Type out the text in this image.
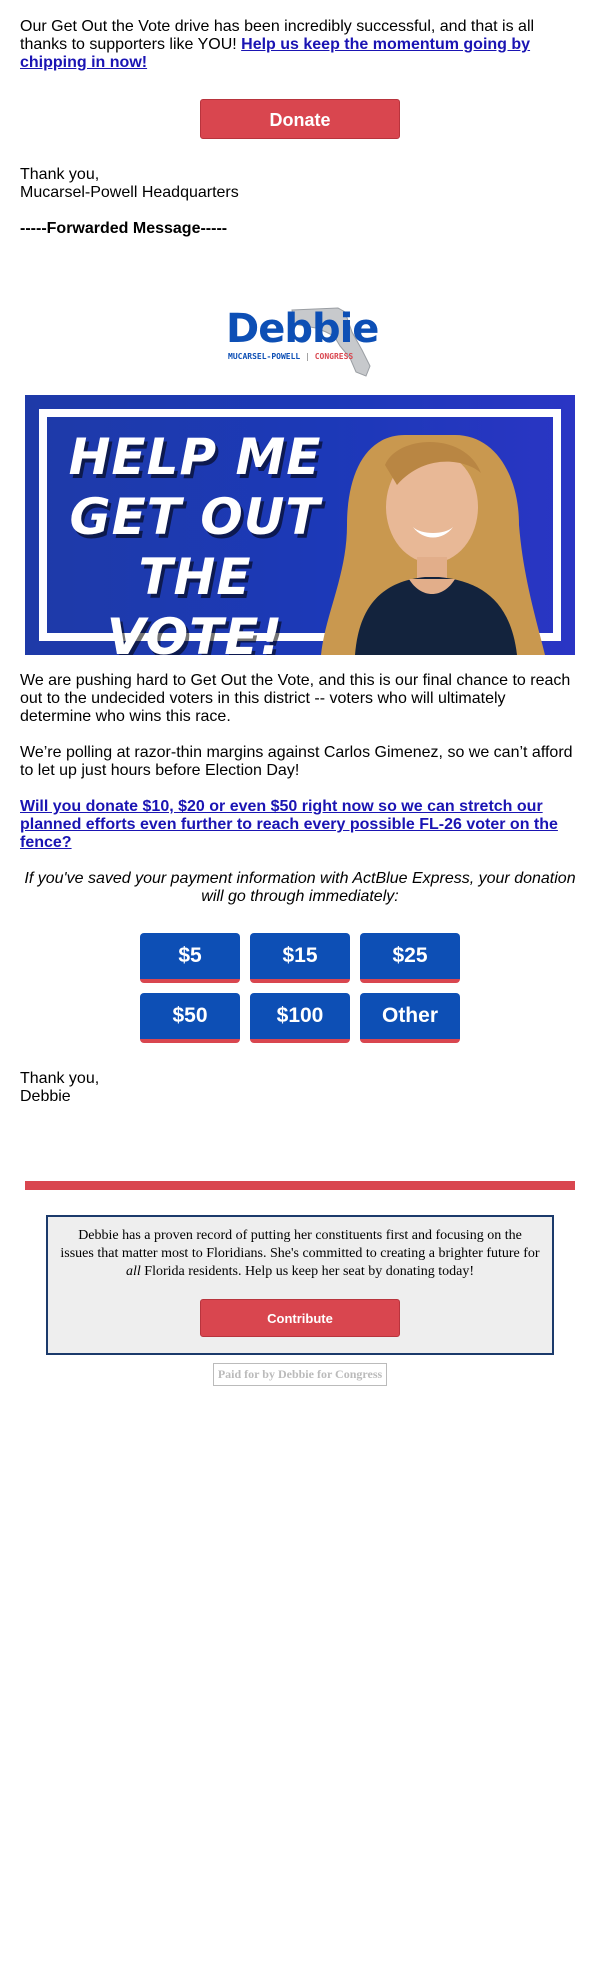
Our Get Out the Vote drive has been incredibly successful, and that is all thanks to supporters like YOU! Help us keep the momentum going by chipping in now!

Donate

Thank you,
Mucarsel-Powell Headquarters

-----Forwarded Message-----

Debbie
MUCARSEL-POWELL | CONGRESS
HELP ME
GET OUT
THE VOTE!

We are pushing hard to Get Out the Vote, and this is our final chance to reach out to the undecided voters in this district -- voters who will ultimately determine who wins this race.

We’re polling at razor-thin margins against Carlos Gimenez, so we can’t afford to let up just hours before Election Day!

Will you donate $10, $20 or even $50 right now so we can stretch our planned efforts even further to reach every possible FL-26 voter on the fence?

If you've saved your payment information with ActBlue Express, your donation will go through immediately:

$5	$15	$25
$50	$100	Other

Thank you,
Debbie

Debbie has a proven record of putting her constituents first and focusing on the issues that matter most to Floridians. She's committed to creating a brighter future for all Florida residents. Help us keep her seat by donating today!
Contribute
Paid for by Debbie for Congress
